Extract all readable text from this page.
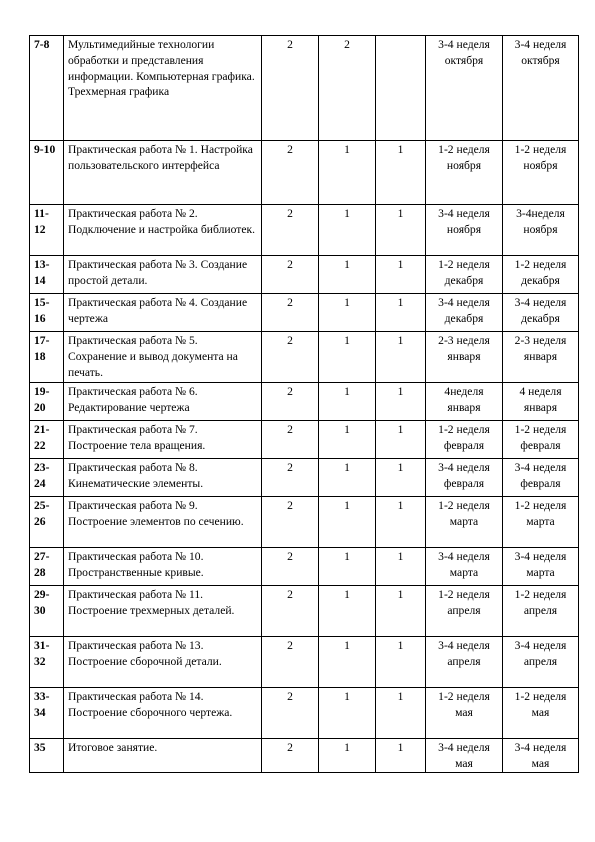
7-8	Мультимедийные технологии обработки и представления информации. Компьютерная графика. Трехмерная графика	2	2		3-4 неделя октября	3-4 неделя октября
9-10	Практическая работа № 1. Настройка пользовательского интерфейса	2	1	1	1-2 неделя ноября	1-2 неделя ноября
11-12	Практическая работа № 2. Подключение и настройка библиотек.	2	1	1	3-4 неделя ноября	3-4неделя ноября
13-14	Практическая работа № 3. Создание простой детали.	2	1	1	1-2 неделя декабря	1-2 неделя декабря
15-16	Практическая работа № 4. Создание чертежа	2	1	1	3-4 неделя декабря	3-4 неделя декабря
17-18	Практическая работа № 5. Сохранение и вывод документа на печать.	2	1	1	2-3 неделя января	2-3 неделя января
19-20	Практическая работа № 6. Редактирование чертежа	2	1	1	4неделя января	4 неделя января
21-22	Практическая работа № 7. Построение тела вращения.	2	1	1	1-2 неделя февраля	1-2 неделя февраля
23-24	Практическая работа № 8. Кинематические элементы.	2	1	1	3-4 неделя февраля	3-4 неделя февраля
25-26	Практическая работа № 9. Построение элементов по сечению.	2	1	1	1-2 неделя марта	1-2 неделя марта
27-28	Практическая работа № 10. Пространственные кривые.	2	1	1	3-4 неделя марта	3-4 неделя марта
29-30	Практическая работа № 11. Построение трехмерных деталей.	2	1	1	1-2 неделя апреля	1-2 неделя апреля
31-32	Практическая работа № 13. Построение сборочной детали.	2	1	1	3-4 неделя апреля	3-4 неделя апреля
33-34	Практическая работа № 14. Построение сборочного чертежа.	2	1	1	1-2 неделя мая	1-2 неделя мая
35	Итоговое занятие.	2	1	1	3-4 неделя мая	3-4 неделя мая
